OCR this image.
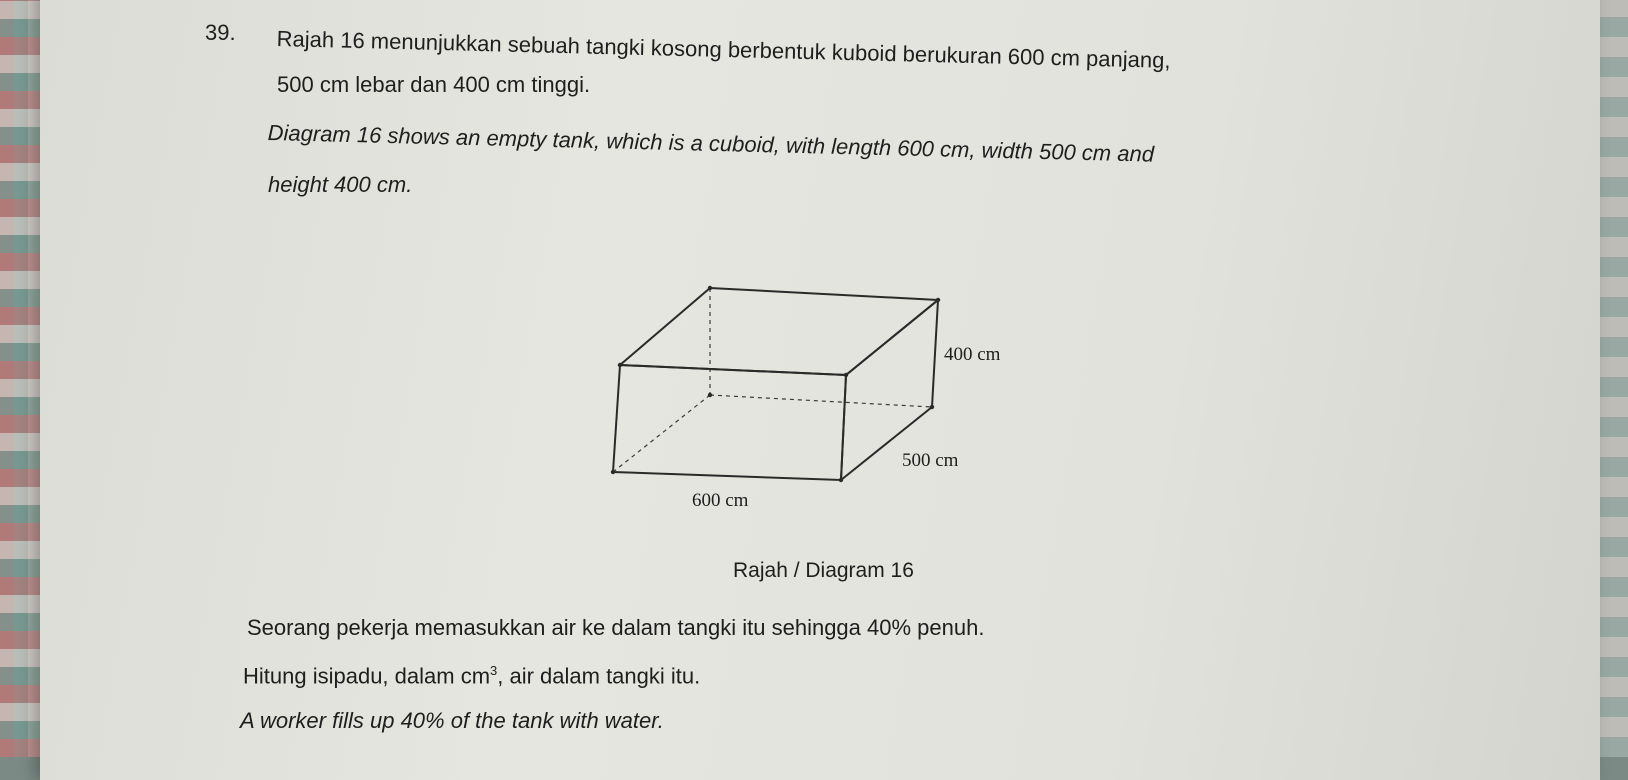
39. Rajah 16 menunjukkan sebuah tangki kosong berbentuk kuboid berukuran 600 cm panjang,
500 cm lebar dan 400 cm tinggi.
Diagram 16 shows an empty tank, which is a cuboid, with length 600 cm, width 500 cm and
height 400 cm.
400 cm
500 cm
600 cm
Rajah / Diagram 16
Seorang pekerja memasukkan air ke dalam tangki itu sehingga 40% penuh.
Hitung isipadu, dalam $cm^3$, air dalam tangki itu.
A worker fills up 40% of the tank with water.
